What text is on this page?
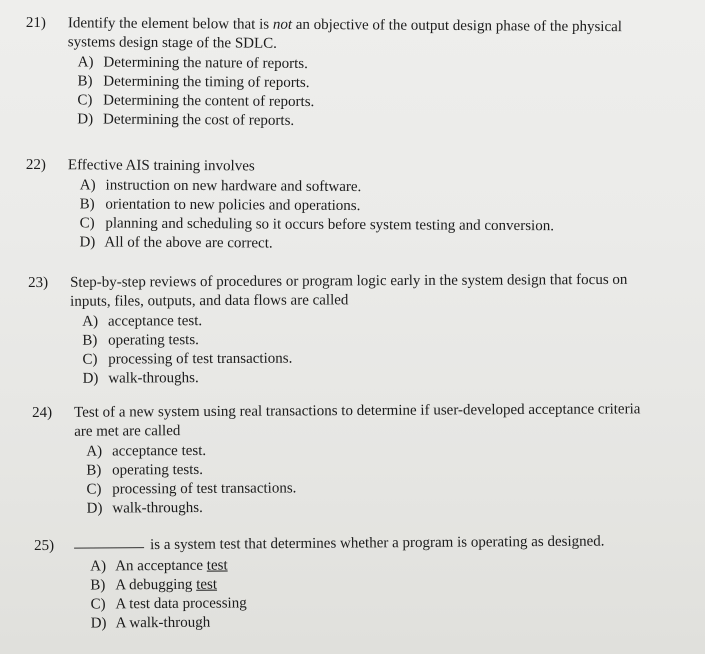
21) Identify the element below that is not an objective of the output design phase of the physical systems design stage of the SDLC.
A) Determining the nature of reports.
B) Determining the timing of reports.
C) Determining the content of reports.
D) Determining the cost of reports.
22) Effective AIS training involves
A) instruction on new hardware and software.
B) orientation to new policies and operations.
C) planning and scheduling so it occurs before system testing and conversion.
D) All of the above are correct.
23) Step-by-step reviews of procedures or program logic early in the system design that focus on inputs, files, outputs, and data flows are called
A) acceptance test.
B) operating tests.
C) processing of test transactions.
D) walk-throughs.
24) Test of a new system using real transactions to determine if user-developed acceptance criteria are met are called
A) acceptance test.
B) operating tests.
C) processing of test transactions.
D) walk-throughs.
25)	is a system test that determines whether a program is operating as designed.
A) An acceptance test
B) A debugging test
C) A test data processing
D) A walk-through
